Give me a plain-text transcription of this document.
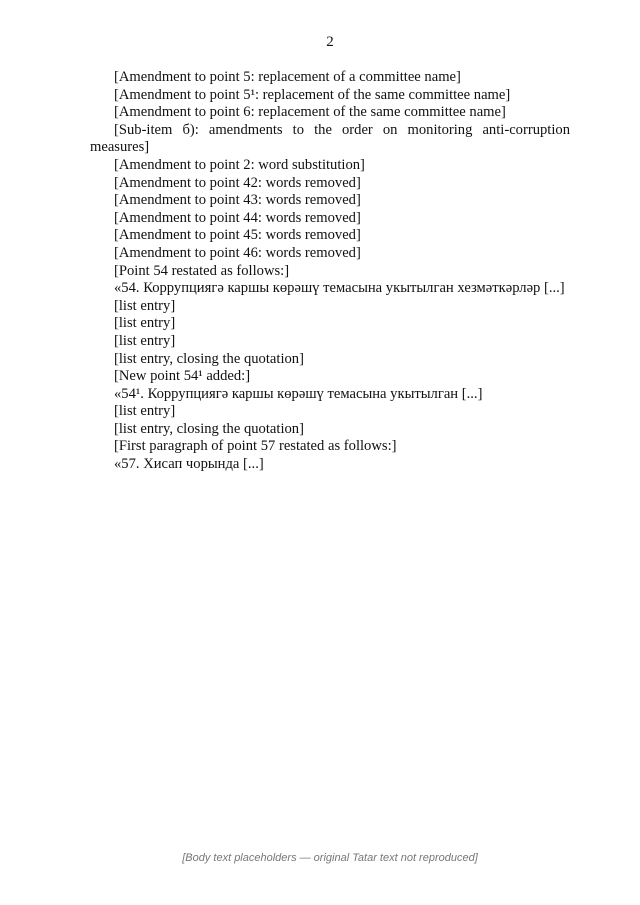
2

[Amendment to point 5: replacement of a committee name]

[Amendment to point 5¹: replacement of the same committee name]

[Amendment to point 6: replacement of the same committee name]

[Sub-item б): amendments to the order on monitoring anti-corruption measures]

[Amendment to point 2: word substitution]

[Amendment to point 42: words removed]

[Amendment to point 43: words removed]

[Amendment to point 44: words removed]

[Amendment to point 45: words removed]

[Amendment to point 46: words removed]

[Point 54 restated as follows:]

«54. Коррупциягә каршы көрәшү темасына укытылган хезмәткәрләр [...]

[list entry]

[list entry]

[list entry]

[list entry, closing the quotation]

[New point 54¹ added:]

«54¹. Коррупциягә каршы көрәшү темасына укытылган [...]

[list entry]

[list entry, closing the quotation]

[First paragraph of point 57 restated as follows:]

«57. Хисап чорында [...]

[Body text placeholders — original Tatar text not reproduced]
